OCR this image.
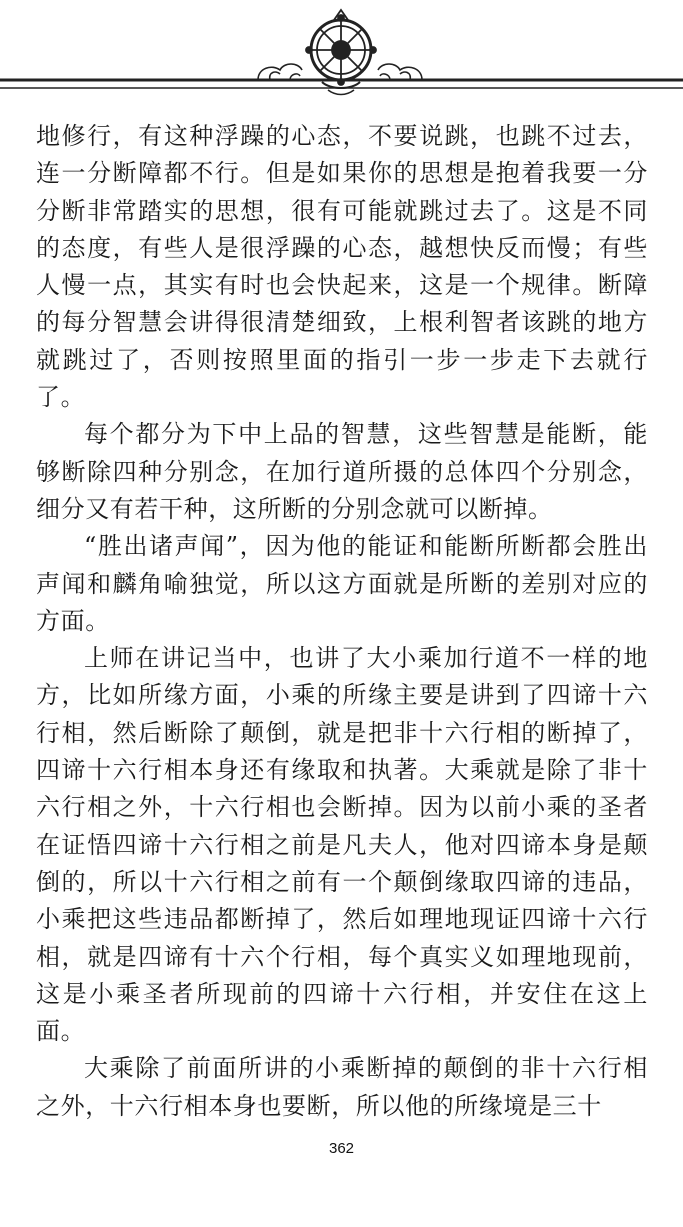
地修行，有这种浮躁的心态，不要说跳，也跳不过去，连一分断障都不行。但是如果你的思想是抱着我要一分分断非常踏实的思想，很有可能就跳过去了。这是不同的态度，有些人是很浮躁的心态，越想快反而慢；有些人慢一点，其实有时也会快起来，这是一个规律。断障的每分智慧会讲得很清楚细致，上根利智者该跳的地方就跳过了，否则按照里面的指引一步一步走下去就行了。

每个都分为下中上品的智慧，这些智慧是能断，能够断除四种分别念，在加行道所摄的总体四个分别念，细分又有若干种，这所断的分别念就可以断掉。

“胜出诸声闻”，因为他的能证和能断所断都会胜出声闻和麟角喻独觉，所以这方面就是所断的差别对应的方面。

上师在讲记当中，也讲了大小乘加行道不一样的地方，比如所缘方面，小乘的所缘主要是讲到了四谛十六行相，然后断除了颠倒，就是把非十六行相的断掉了，四谛十六行相本身还有缘取和执著。大乘就是除了非十六行相之外，十六行相也会断掉。因为以前小乘的圣者在证悟四谛十六行相之前是凡夫人，他对四谛本身是颠倒的，所以十六行相之前有一个颠倒缘取四谛的违品，小乘把这些违品都断掉了，然后如理地现证四谛十六行相，就是四谛有十六个行相，每个真实义如理地现前，这是小乘圣者所现前的四谛十六行相，并安住在这上面。

大乘除了前面所讲的小乘断掉的颠倒的非十六行相之外，十六行相本身也要断，所以他的所缘境是三十

362
